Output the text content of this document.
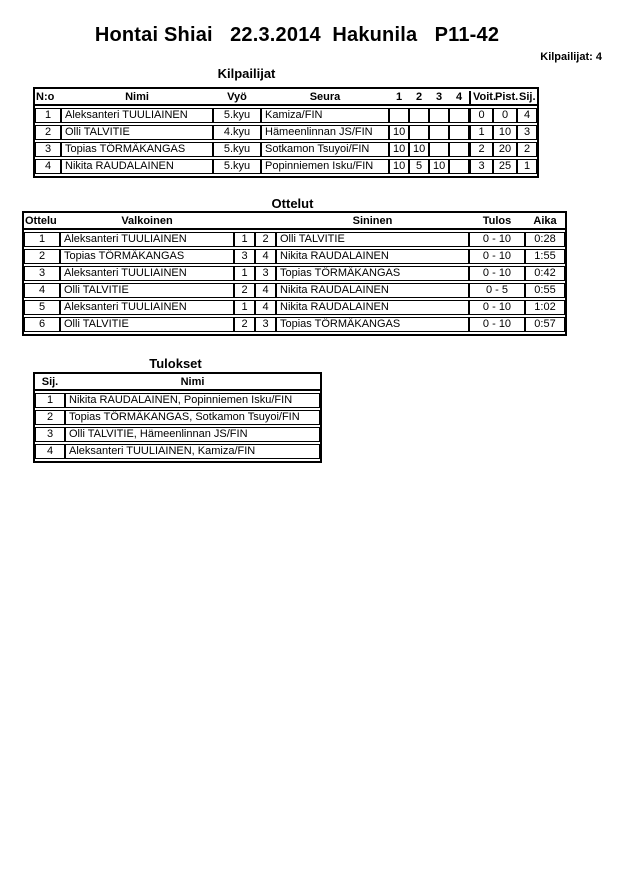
Hontai Shiai   22.3.2014  Hakunila   P11-42
Kilpailijat: 4
Kilpailijat
N:o	Nimi	Vyö	Seura	1	2	3	4	Voit.	Pist.	Sij.
1	Aleksanteri TUULIAINEN	5.kyu	Kamiza/FIN					0	0	4
2	Olli TALVITIE	4.kyu	Hämeenlinnan JS/FIN	10				1	10	3
3	Topias TÖRMÄKANGAS	5.kyu	Sotkamon Tsuyoi/FIN	10	10			2	20	2
4	Nikita RAUDALAINEN	5.kyu	Popinniemen Isku/FIN	10	5	10		3	25	1
Ottelut
Ottelu	Valkoinen			Sininen	Tulos	Aika
1	Aleksanteri TUULIAINEN	1	2	Olli TALVITIE	0 - 10	0:28
2	Topias TÖRMÄKANGAS	3	4	Nikita RAUDALAINEN	0 - 10	1:55
3	Aleksanteri TUULIAINEN	1	3	Topias TÖRMÄKANGAS	0 - 10	0:42
4	Olli TALVITIE	2	4	Nikita RAUDALAINEN	0 - 5	0:55
5	Aleksanteri TUULIAINEN	1	4	Nikita RAUDALAINEN	0 - 10	1:02
6	Olli TALVITIE	2	3	Topias TÖRMÄKANGAS	0 - 10	0:57
Tulokset
Sij.	Nimi
1	Nikita RAUDALAINEN, Popinniemen Isku/FIN
2	Topias TÖRMÄKANGAS, Sotkamon Tsuyoi/FIN
3	Olli TALVITIE, Hämeenlinnan JS/FIN
4	Aleksanteri TUULIAINEN, Kamiza/FIN
